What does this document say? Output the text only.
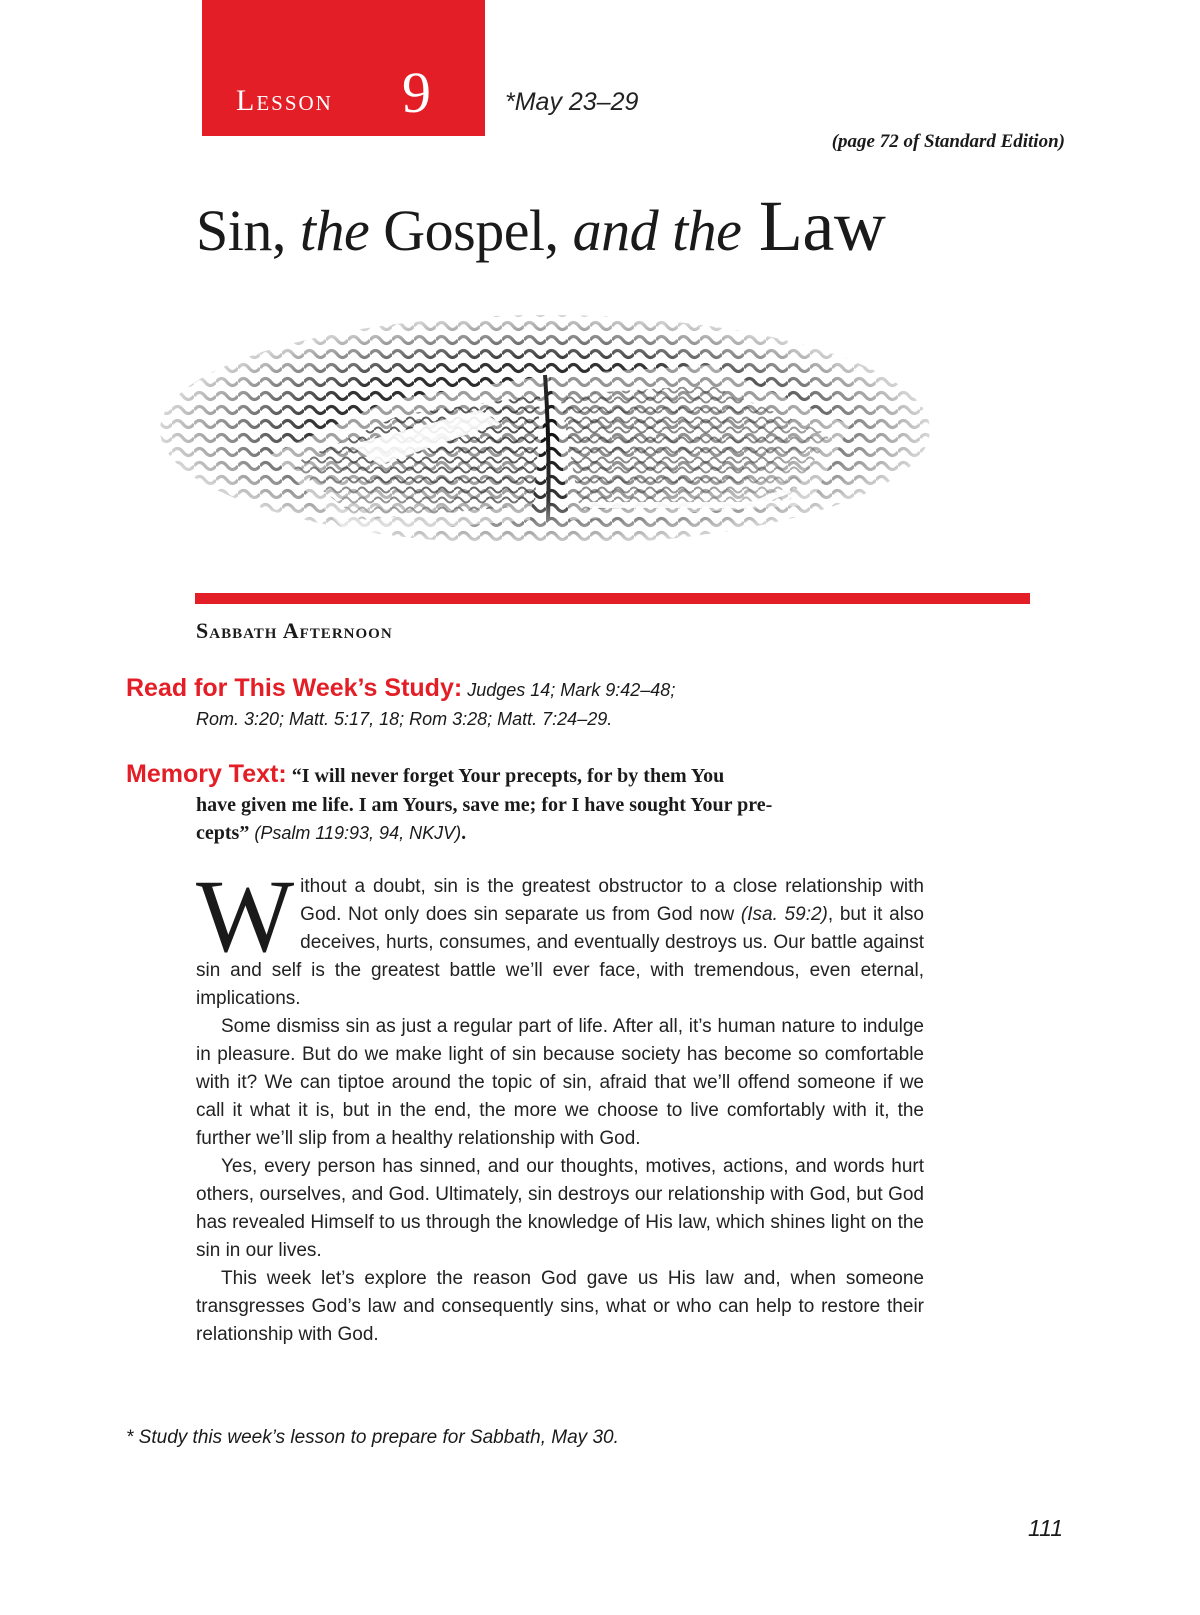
Lesson 9	*May 23–29
(page 72 of Standard Edition)
Sin, the Gospel, and the Law
Sabbath Afternoon
Read for This Week’s Study: Judges 14; Mark 9:42–48;
Rom. 3:20; Matt. 5:17, 18; Rom 3:28; Matt. 7:24–29.
Memory Text: “I will never forget Your precepts, for by them You
have given me life. I am Yours, save me; for I have sought Your pre-
cepts” (Psalm 119:93, 94, NKJV).

Without a doubt, sin is the greatest obstructor to a close relationship with God. Not only does sin separate us from God now (Isa. 59:2), but it also deceives, hurts, consumes, and eventually destroys us. Our battle against sin and self is the greatest battle we’ll ever face, with tremendous, even eternal, implications.

Some dismiss sin as just a regular part of life. After all, it’s human nature to indulge in pleasure. But do we make light of sin because society has become so comfortable with it? We can tiptoe around the topic of sin, afraid that we’ll offend someone if we call it what it is, but in the end, the more we choose to live comfortably with it, the further we’ll slip from a healthy relationship with God.

Yes, every person has sinned, and our thoughts, motives, actions, and words hurt others, ourselves, and God. Ultimately, sin destroys our relationship with God, but God has revealed Himself to us through the knowledge of His law, which shines light on the sin in our lives.

This week let’s explore the reason God gave us His law and, when someone transgresses God’s law and consequently sins, what or who can help to restore their relationship with God.

* Study this week’s lesson to prepare for Sabbath, May 30.
111
